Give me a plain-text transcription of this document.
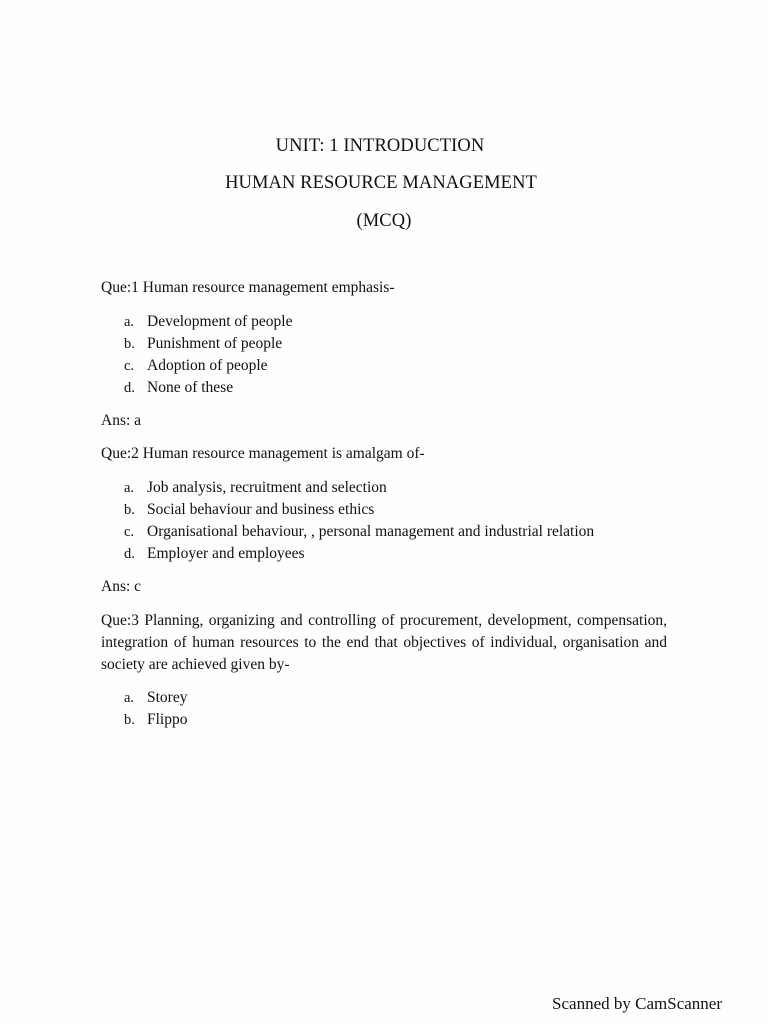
UNIT: 1 INTRODUCTION
HUMAN RESOURCE MANAGEMENT
(MCQ)
Que:1 Human resource management emphasis-
a. Development of people
b. Punishment of people
c. Adoption of people
d. None of these
Ans: a
Que:2 Human resource management is amalgam of-
a. Job analysis, recruitment and selection
b. Social behaviour and business ethics
c. Organisational behaviour, , personal management and industrial relation
d. Employer and employees
Ans: c
Que:3 Planning, organizing and controlling of procurement, development, compensation, integration of human resources to the end that objectives of individual, organisation and society are achieved given by-
a. Storey
b. Flippo
Scanned by CamScanner
